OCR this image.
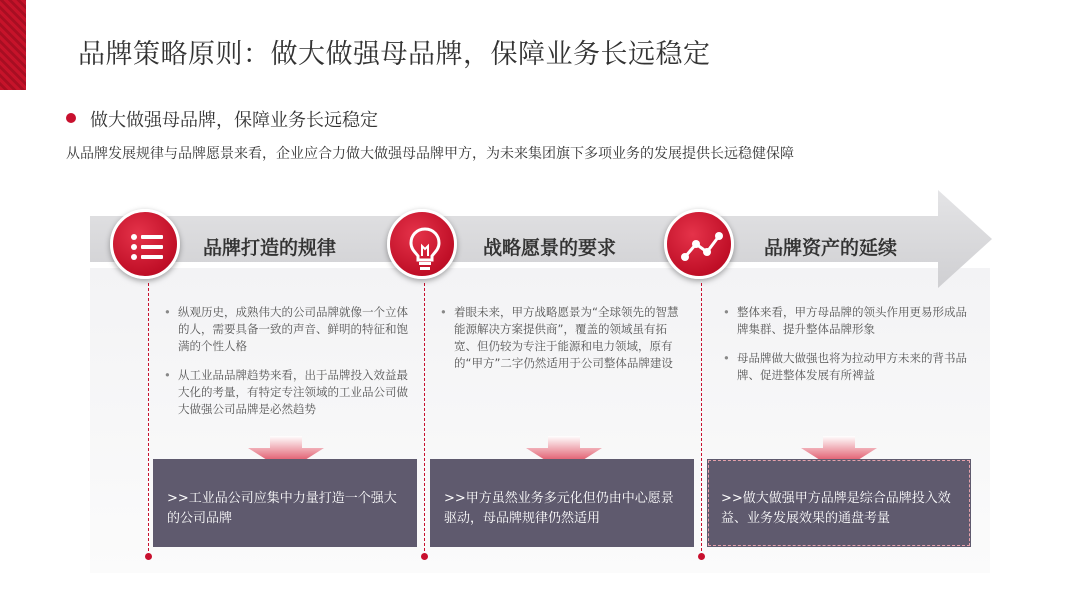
品牌策略原则：做大做强母品牌，保障业务长远稳定
做大做强母品牌，保障业务长远稳定
从品牌发展规律与品牌愿景来看，企业应合力做大做强母品牌甲方，为未来集团旗下多项业务的发展提供长远稳健保障
品牌打造的规律
• 纵观历史，成熟伟大的公司品牌就像一个立体的人，需要具备一致的声音、鲜明的特征和饱满的个性人格
• 从工业品品牌趋势来看，出于品牌投入效益最大化的考量，有特定专注领域的工业品公司做大做强公司品牌是必然趋势
>>工业品公司应集中力量打造一个强大的公司品牌
战略愿景的要求
• 着眼未来，甲方战略愿景为“全球领先的智慧能源解决方案提供商”，覆盖的领域虽有拓宽、但仍较为专注于能源和电力领域，原有的“甲方”二字仍然适用于公司整体品牌建设
>>甲方虽然业务多元化但仍由中心愿景驱动，母品牌规律仍然适用
品牌资产的延续
• 整体来看，甲方母品牌的领头作用更易形成品牌集群、提升整体品牌形象
• 母品牌做大做强也将为拉动甲方未来的背书品牌、促进整体发展有所裨益
>>做大做强甲方品牌是综合品牌投入效益、业务发展效果的通盘考量
